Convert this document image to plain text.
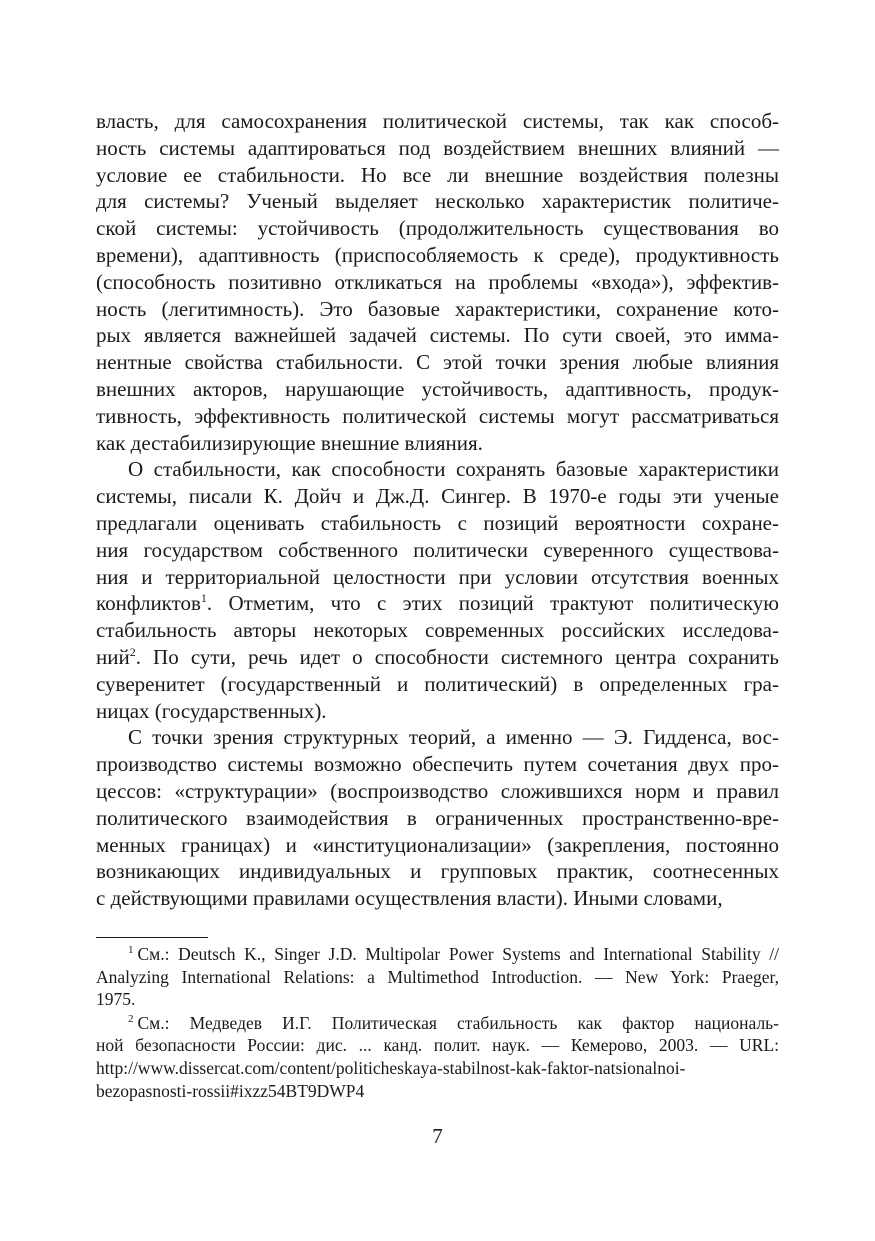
власть, для самосохранения политической системы, так как способ-
ность системы адаптироваться под воздействием внешних влияний —
условие ее стабильности. Но все ли внешние воздействия полезны
для системы? Ученый выделяет несколько характеристик политиче-
ской системы: устойчивость (продолжительность существования во
времени), адаптивность (приспособляемость к среде), продуктивность
(способность позитивно откликаться на проблемы «входа»), эффектив-
ность (легитимность). Это базовые характеристики, сохранение кото-
рых является важнейшей задачей системы. По сути своей, это имма-
нентные свойства стабильности. С этой точки зрения любые влияния
внешних акторов, нарушающие устойчивость, адаптивность, продук-
тивность, эффективность политической системы могут рассматриваться
как дестабилизирующие внешние влияния.

О стабильности, как способности сохранять базовые характеристики
системы, писали К. Дойч и Дж.Д. Сингер. В 1970-е годы эти ученые
предлагали оценивать стабильность с позиций вероятности сохране-
ния государством собственного политически суверенного существова-
ния и территориальной целостности при условии отсутствия военных
конфликтов$^1$. Отметим, что с этих позиций трактуют политическую
стабильность авторы некоторых современных российских исследова-
ний$^2$. По сути, речь идет о способности системного центра сохранить
суверенитет (государственный и политический) в определенных гра-
ницах (государственных).

С точки зрения структурных теорий, а именно — Э. Гидденса, вос-
производство системы возможно обеспечить путем сочетания двух про-
цессов: «структурации» (воспроизводство сложившихся норм и правил
политического взаимодействия в ограниченных пространственно-вре-
менных границах) и «институционализации» (закрепления, постоянно
возникающих индивидуальных и групповых практик, соотнесенных
с действующими правилами осуществления власти). Иными словами,

$^1$ См.: Deutsch K., Singer J.D. Multipolar Power Systems and International Stability //
Analyzing International Relations: a Multimethod Introduction. — New York: Praeger,
1975.

$^2$ См.: Медведев И.Г. Политическая стабильность как фактор националь-
ной безопасности России: дис. ... канд. полит. наук. — Кемерово, 2003. — URL:
http://www.dissercat.com/content/politicheskaya-stabilnost-kak-faktor-natsionalnoi-
bezopasnosti-rossii#ixzz54BT9DWP4

7
